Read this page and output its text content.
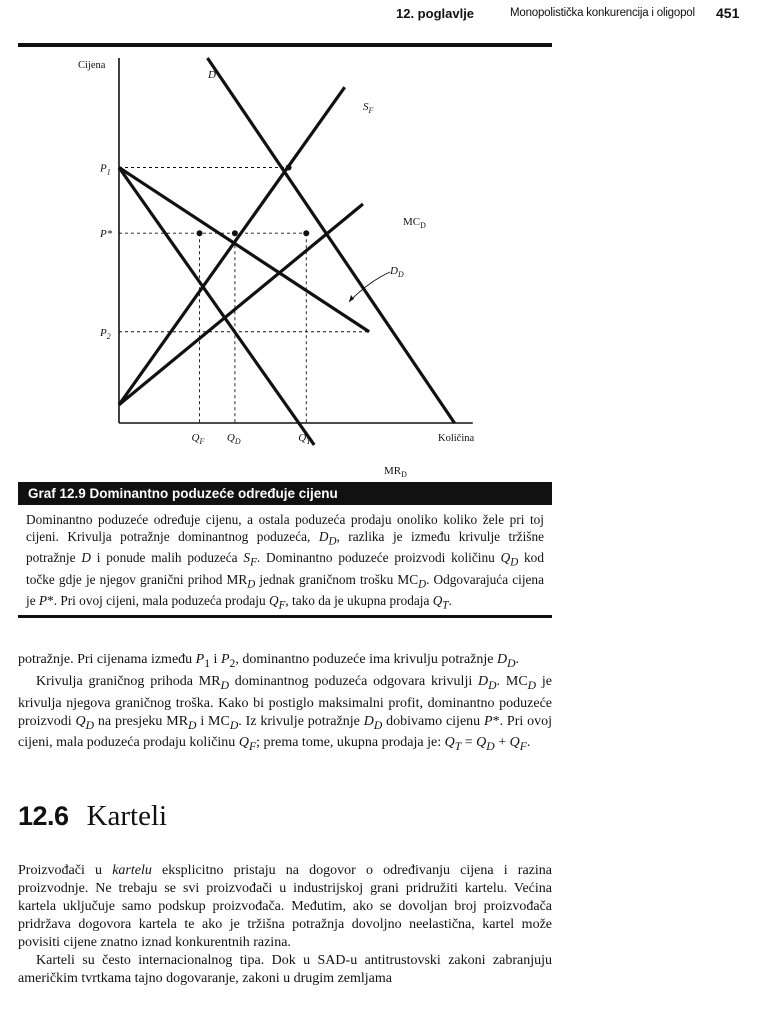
12. poglavlje	Monopolistička konkurencija i oligopol 451
Cijena
Količina
D
$S_F$
$MC_D$
$D_D$
$MR_D$
$P_1$
P*
$P_2$
$Q_F$ $Q_D$	$Q_T$
Graf 12.9 Dominantno poduzeće određuje cijenu
Dominantno poduzeće određuje cijenu, a ostala poduzeća prodaju onoliko koliko žele pri toj cijeni. Krivulja potražnje dominantnog poduzeća, $D_D$, razlika je između krivulje tržišne potražnje D i ponude malih poduzeća $S_F$. Dominantno poduzeće proizvodi količinu $Q_D$ kod točke gdje je njegov granični prihod $MR_D$ jednak graničnom trošku $MC_D$. Odgovarajuća cijena je P*. Pri ovoj cijeni, mala poduzeća prodaju $Q_F$, tako da je ukupna prodaja $Q_T$.

potražnje. Pri cijenama između $P_1$ i $P_2$, dominantno poduzeće ima krivulju potražnje $D_D$.

Krivulja graničnog prihoda $MR_D$ dominantnog poduzeća odgovara krivulji $D_D$. $MC_D$ je krivulja njegova graničnog troška. Kako bi postiglo maksimalni profit, dominantno poduzeće proizvodi $Q_D$ na presjeku $MR_D$ i $MC_D$. Iz krivulje potražnje $D_D$ dobivamo cijenu P*. Pri ovoj cijeni, mala poduzeća prodaju količinu $Q_F$; prema tome, ukupna prodaja je: $Q_T = Q_D + Q_F$.

12.6 Karteli

Proizvođači u kartelu eksplicitno pristaju na dogovor o određivanju cijena i razina proizvodnje. Ne trebaju se svi proizvođači u industrijskoj grani pridružiti kartelu. Većina kartela uključuje samo podskup proizvođača. Međutim, ako se dovoljan broj proizvođača pridržava dogovora kartela te ako je tržišna potražnja dovoljno neelastična, kartel može povisiti cijene znatno iznad konkurentnih razina.

Karteli su često internacionalnog tipa. Dok u SAD-u antitrustovski zakoni zabranjuju američkim tvrtkama tajno dogovaranje, zakoni u drugim zemljama
